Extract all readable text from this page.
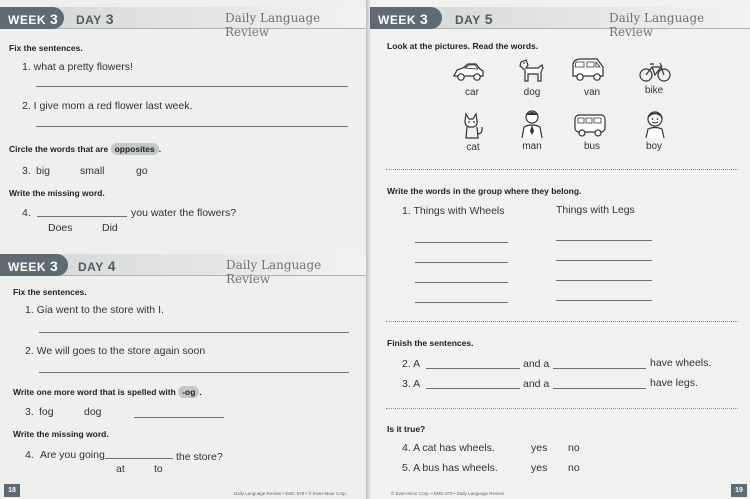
WEEK 3	DAY 3	Daily Language Review
Fix the sentences.
1. what a pretty flowers!
2. I give mom a red flower last week.
Circle the words that are opposites .
3. big	small	go
Write the missing word.
4.	you water the flowers?
Does	Did
WEEK 3	DAY 4	Daily Language Review
Fix the sentences.
1. Gia went to the store with I.
2. We will goes to the store again soon
Write one more word that is spelled with -og .
3. fog	dog
Write the missing word.
4. Are you going	the store?
at	to
18	Daily Language Review • EMC 579 • © Evan-Moor Corp.
WEEK 3	DAY 5	Daily Language Review
Look at the pictures. Read the words.
car	dog	van	bike
cat	man	bus	boy
Write the words in the group where they belong.
1. Things with Wheels	Things with Legs
Finish the sentences.
2. A	and a	have wheels.
3. A	and a	have legs.
Is it true?
4. A cat has wheels.	yes no
5. A bus has wheels.	yes no
© Evan-Moor Corp. • EMC 579 • Daily Language Review	19
